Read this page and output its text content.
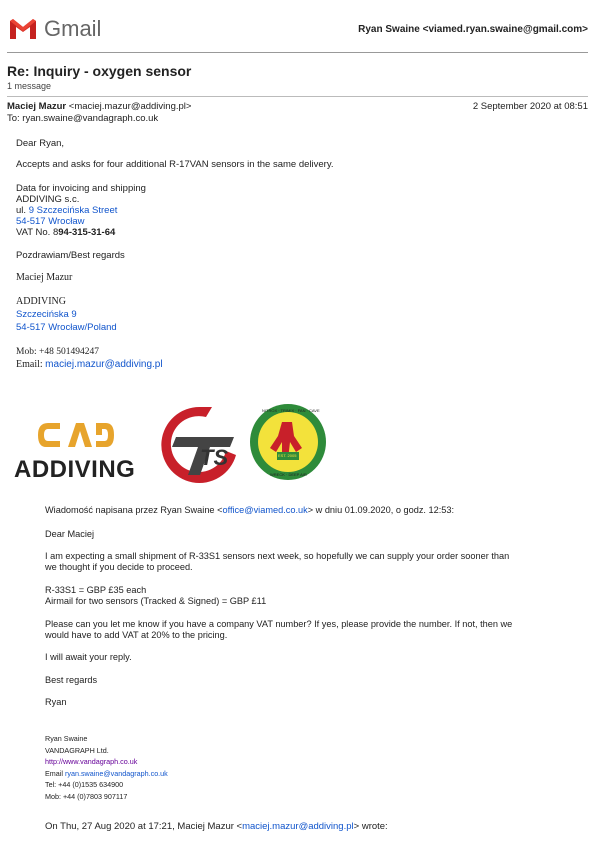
Gmail	Ryan Swaine <viamed.ryan.swaine@gmail.com>
Re: Inquiry - oxygen sensor
1 message
Maciej Mazur <maciej.mazur@addiving.pl>	2 September 2020 at 08:51
To: ryan.swaine@vandagraph.co.uk
Dear Ryan,
Accepts and asks for four additional R-17VAN sensors in the same delivery.
Data for invoicing and shipping
ADDIVING s.c.
ul. 9 Szczecińska Street
54-517 Wrocław
VAT No. 894-315-31-64
Pozdrawiam/Best regards
Maciej Mazur
ADDIVING
Szczecińska 9
54-517 Wrocław/Poland
Mob: +48 501494247
Email: maciej.mazur@addiving.pl
ADDIVING	TS
NITROX · TRIMIX · FAN · CAVE
WRECK · DEEP AIR
EST. 2005
Wiadomość napisana przez Ryan Swaine <office@viamed.co.uk> w dniu 01.09.2020, o godz. 12:53:
Dear Maciej
I am expecting a small shipment of R-33S1 sensors next week, so hopefully we can supply your order sooner than
we thought if you decide to proceed.
R-33S1 = GBP £35 each
Airmail for two sensors (Tracked & Signed) = GBP £11
Please can you let me know if you have a company VAT number? If yes, please provide the number. If not, then we
would have to add VAT at 20% to the pricing.
I will await your reply.
Best regards
Ryan
Ryan Swaine
VANDAGRAPH Ltd.
http://www.vandagraph.co.uk
Email ryan.swaine@vandagraph.co.uk
Tel: +44 (0)1535 634900
Mob: +44 (0)7803 907117
On Thu, 27 Aug 2020 at 17:21, Maciej Mazur <maciej.mazur@addiving.pl> wrote:
